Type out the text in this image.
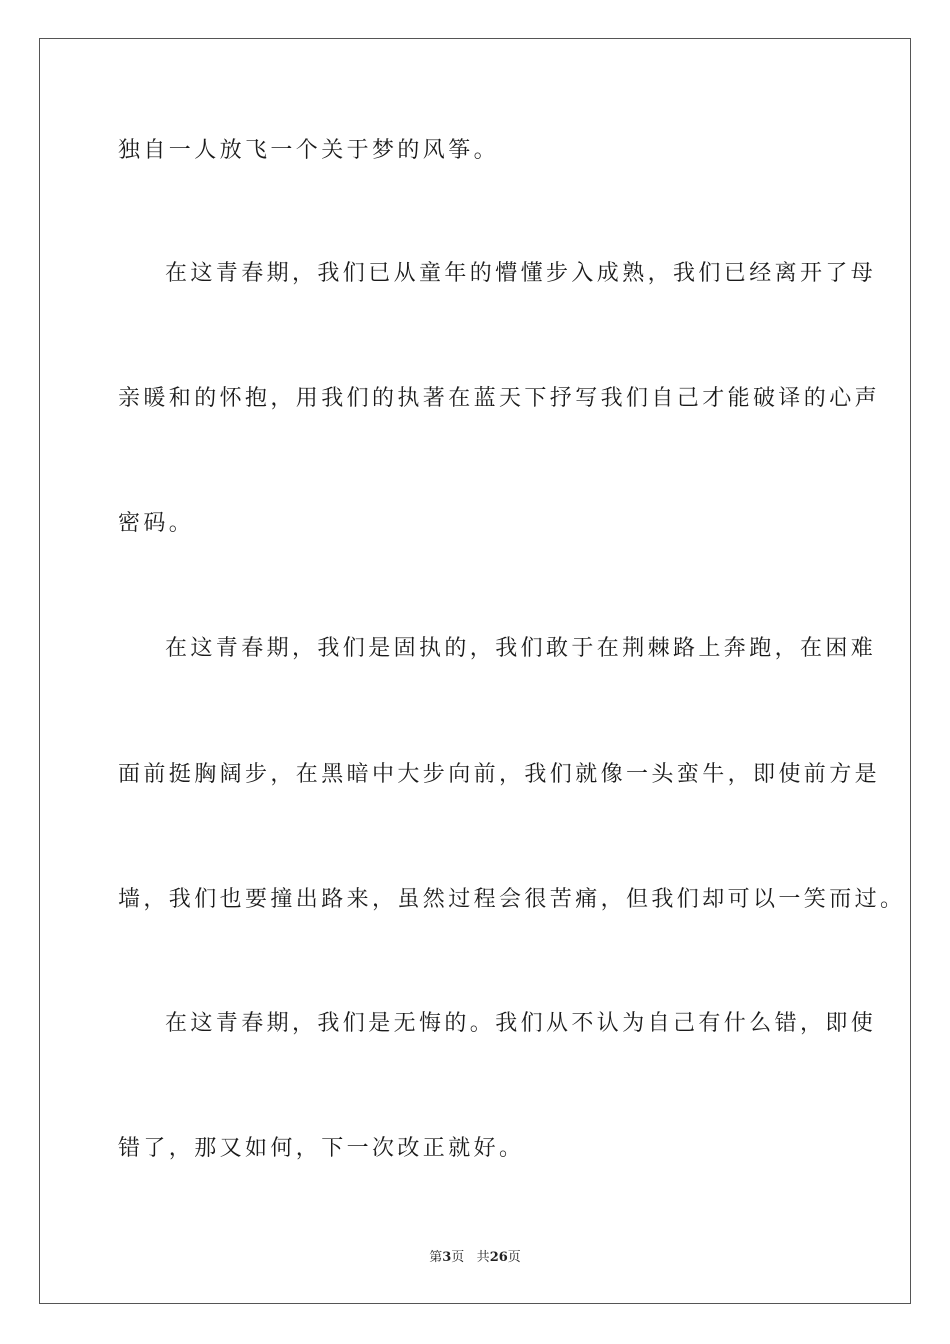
独自一人放飞一个关于梦的风筝。
在这青春期，我们已从童年的懵懂步入成熟，我们已经离开了母
亲暖和的怀抱，用我们的执著在蓝天下抒写我们自己才能破译的心声
密码。
在这青春期，我们是固执的，我们敢于在荆棘路上奔跑，在困难
面前挺胸阔步，在黑暗中大步向前，我们就像一头蛮牛，即使前方是
墙，我们也要撞出路来，虽然过程会很苦痛，但我们却可以一笑而过。
在这青春期，我们是无悔的。我们从不认为自己有什么错，即使
错了，那又如何，下一次改正就好。
第3页 共26页
